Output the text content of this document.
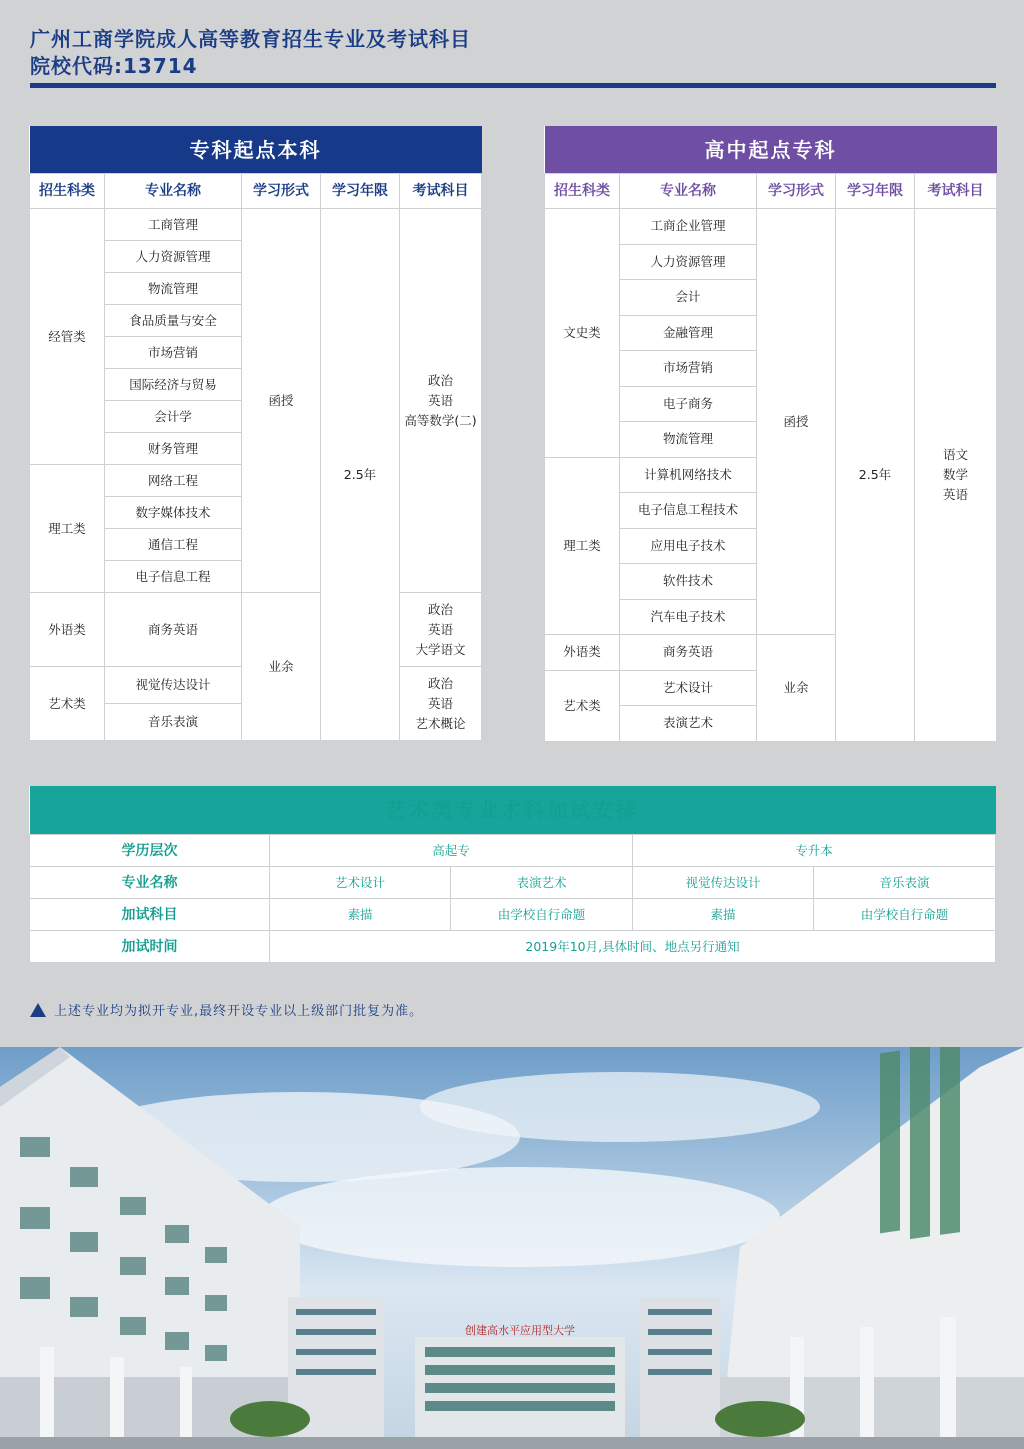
广州工商学院成人高等教育招生专业及考试科目
院校代码:13714
专科起点本科				
招生科类	专业名称	学习形式	学习年限	考试科目
经管类	工商管理	函授	2.5年	政治
英语
高等数学(二)

	人力资源管理			
	物流管理			
	食品质量与安全			
	市场营销			
	国际经济与贸易			
	会计学			
	财务管理			
理工类	网络工程			
	数字媒体技术			
	通信工程			
	电子信息工程			
外语类	商务英语	业余		政治
英语
大学语文

艺术类	视觉传达设计			政治
英语
艺术概论

	音乐表演			
高中起点专科				
招生科类	专业名称	学习形式	学习年限	考试科目
文史类	工商企业管理	函授	2.5年	语文
数学
英语

	人力资源管理			
	会计			
	金融管理			
	市场营销			
	电子商务			
	物流管理			
理工类	计算机网络技术			
	电子信息工程技术			
	应用电子技术			
	软件技术			
	汽车电子技术			
外语类	商务英语	业余		
艺术类	艺术设计			
	表演艺术			
艺术类专业术科加试安排				
学历层次	高起专		专升本	
专业名称	艺术设计	表演艺术	视觉传达设计	音乐表演
加试科目	素描	由学校自行命题	素描	由学校自行命题
加试时间	2019年10月,具体时间、地点另行通知			
上述专业均为拟开专业,最终开设专业以上级部门批复为准。
创建高水平应用型大学
